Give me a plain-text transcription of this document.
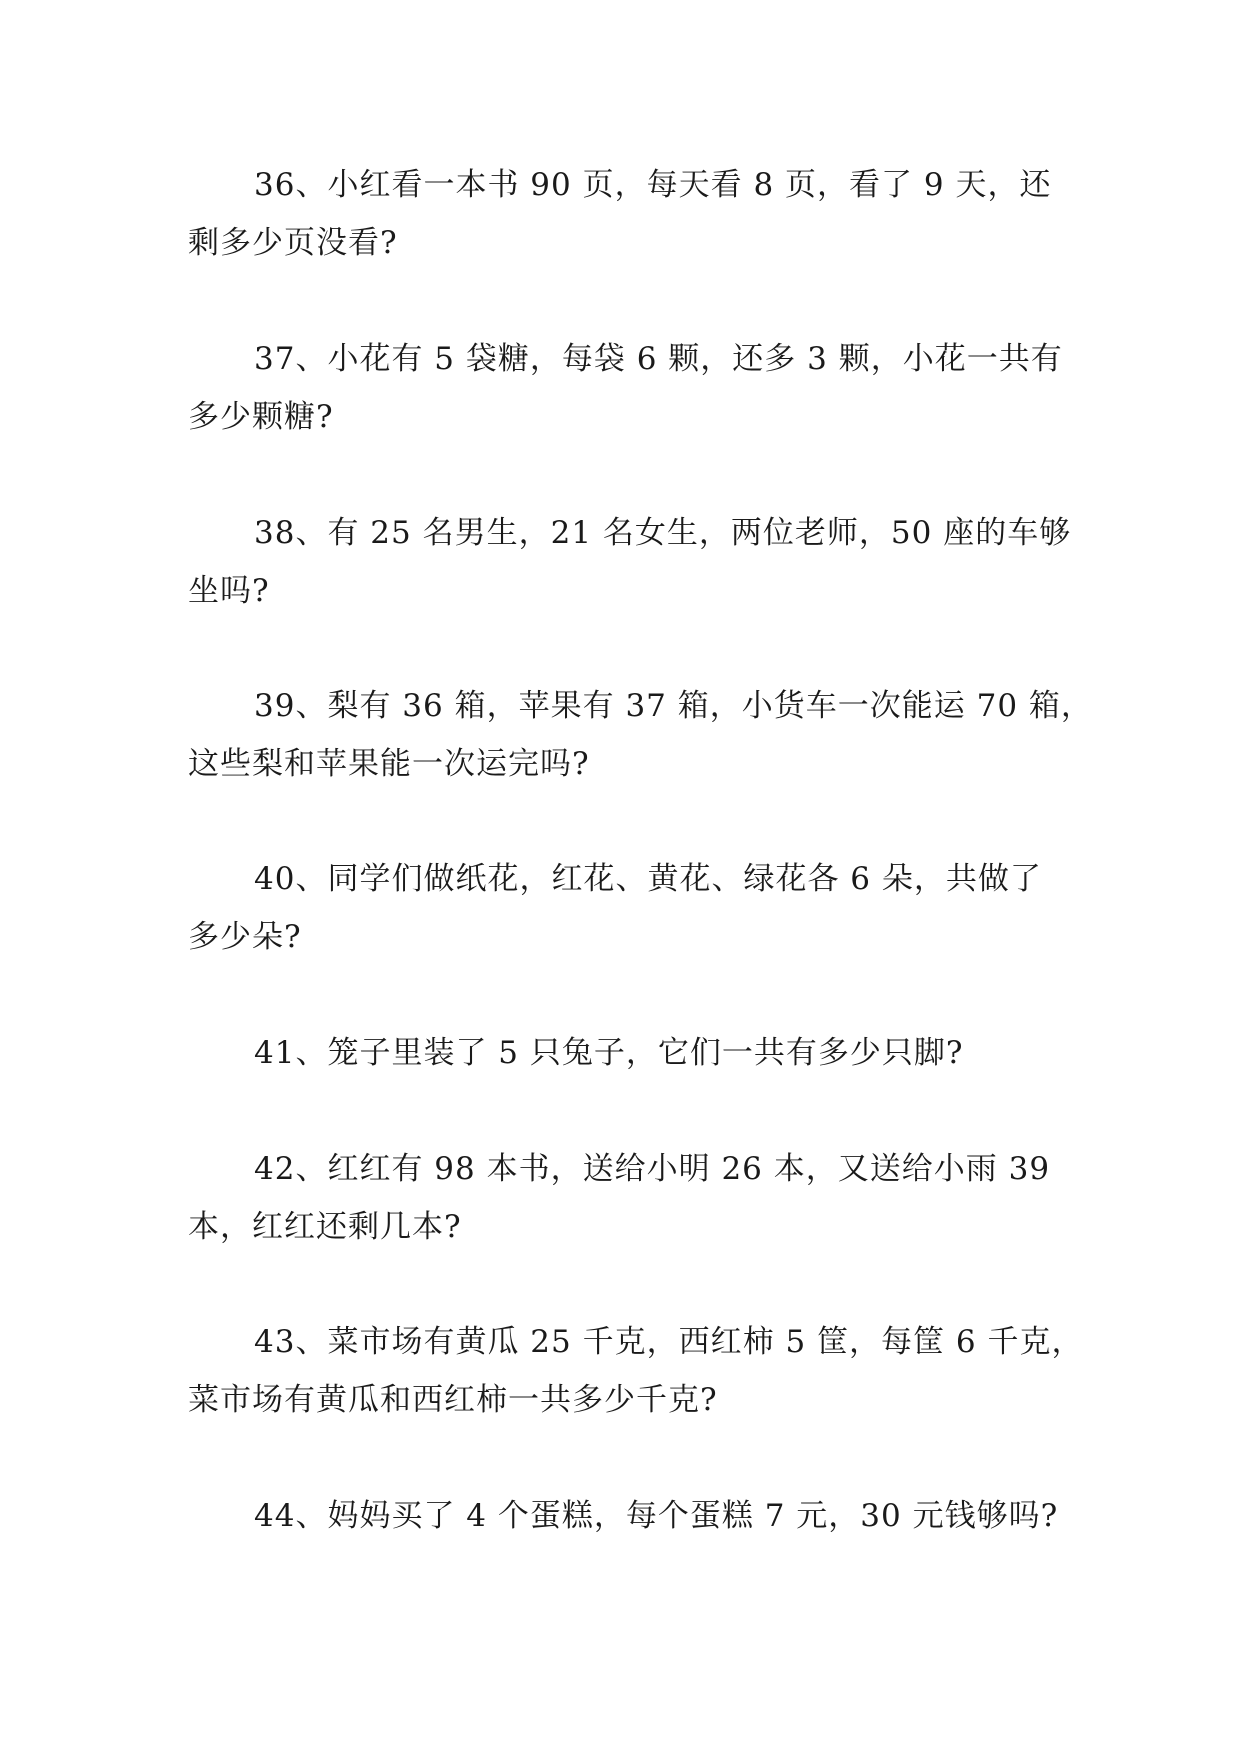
36、小红看一本书 90 页，每天看 8 页，看了 9 天，还
剩多少页没看?
37、小花有 5 袋糖，每袋 6 颗，还多 3 颗，小花一共有
多少颗糖?
38、有 25 名男生，21 名女生，两位老师，50 座的车够
坐吗?
39、梨有 36 箱，苹果有 37 箱，小货车一次能运 70 箱，
这些梨和苹果能一次运完吗?
40、同学们做纸花，红花、黄花、绿花各 6 朵，共做了
多少朵?
41、笼子里装了 5 只兔子，它们一共有多少只脚?
42、红红有 98 本书，送给小明 26 本，又送给小雨 39
本，红红还剩几本?
43、菜市场有黄瓜 25 千克，西红柿 5 筐，每筐 6 千克，
菜市场有黄瓜和西红柿一共多少千克?
44、妈妈买了 4 个蛋糕，每个蛋糕 7 元，30 元钱够吗?
